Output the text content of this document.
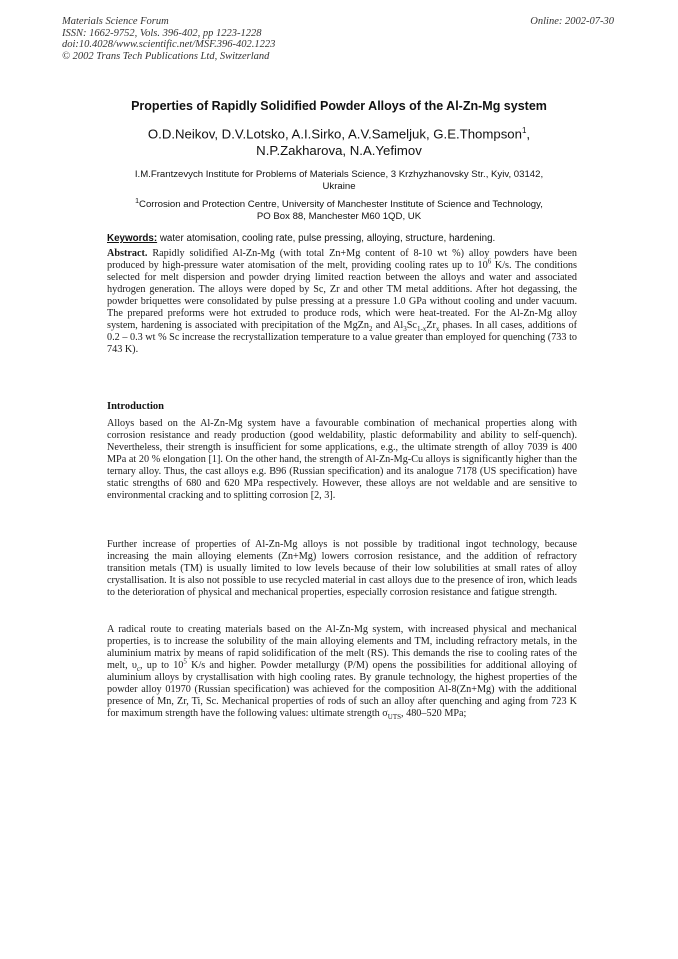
Materials Science Forum
ISSN: 1662-9752, Vols. 396-402, pp 1223-1228
doi:10.4028/www.scientific.net/MSF.396-402.1223
© 2002 Trans Tech Publications Ltd, Switzerland
Online: 2002-07-30
Properties of Rapidly Solidified Powder Alloys of the Al-Zn-Mg system
O.D.Neikov, D.V.Lotsko, A.I.Sirko, A.V.Sameljuk, G.E.Thompson$^1$,
N.P.Zakharova, N.A.Yefimov
I.M.Frantzevych Institute for Problems of Materials Science, 3 Krzhyzhanovsky Str., Kyiv, 03142,
Ukraine
$^1$Corrosion and Protection Centre, University of Manchester Institute of Science and Technology,
PO Box 88, Manchester M60 1QD, UK
Keywords: water atomisation, cooling rate, pulse pressing, alloying, structure, hardening.

Abstract. Rapidly solidified Al-Zn-Mg (with total Zn+Mg content of 8-10 wt %) alloy powders have been produced by high-pressure water atomisation of the melt, providing cooling rates up to $10^6$ K/s. The conditions selected for melt dispersion and powder drying limited reaction between the alloys and water and associated hydrogen generation. The alloys were doped by Sc, Zr and other TM metal additions. After hot degassing, the powder briquettes were consolidated by pulse pressing at a pressure 1.0 GPa without cooling and under vacuum. The prepared preforms were hot extruded to produce rods, which were heat-treated. For the Al-Zn-Mg alloy system, hardening is associated with precipitation of the MgZn$_2$ and $Al_3Sc_{1-x}Zr_x$ phases. In all cases, additions of 0.2 – 0.3 wt % Sc increase the recrystallization temperature to a value greater than employed for quenching (733 to 743 K).

Introduction

Alloys based on the Al-Zn-Mg system have a favourable combination of mechanical properties along with corrosion resistance and ready production (good weldability, plastic deformability and ability to self-quench). Nevertheless, their strength is insufficient for some applications, e.g., the ultimate strength of alloy 7039 is 400 MPa at 20 % elongation [1]. On the other hand, the strength of Al-Zn-Mg-Cu alloys is significantly higher than the ternary alloy. Thus, the cast alloys e.g. B96 (Russian specification) and its analogue 7178 (US specification) have static strengths of 680 and 620 MPa respectively. However, these alloys are not weldable and are sensitive to environmental cracking and to splitting corrosion [2, 3].

Further increase of properties of Al-Zn-Mg alloys is not possible by traditional ingot technology, because increasing the main alloying elements (Zn+Mg) lowers corrosion resistance, and the addition of refractory transition metals (TM) is usually limited to low levels because of their low solubilities at small rates of alloy crystallisation. It is also not possible to use recycled material in cast alloys due to the presence of iron, which leads to the deterioration of physical and mechanical properties, especially corrosion resistance and fatigue strength.

A radical route to creating materials based on the Al-Zn-Mg system, with increased physical and mechanical properties, is to increase the solubility of the main alloying elements and TM, including refractory metals, in the aluminium matrix by means of rapid solidification of the melt (RS). This demands the rise to cooling rates of the melt, $\upsilon_c$, up to $10^5$ K/s and higher. Powder metallurgy (P/M) opens the possibilities for additional alloying of aluminium alloys by crystallisation with high cooling rates. By granule technology, the highest properties of the powder alloy 01970 (Russian specification) was achieved for the composition Al-8(Zn+Mg) with the additional presence of Mn, Zr, Ti, Sc. Mechanical properties of rods of such an alloy after quenching and aging from 723 K for maximum strength have the following values: ultimate strength $\sigma_{UTS}$, 480–520 MPa;
